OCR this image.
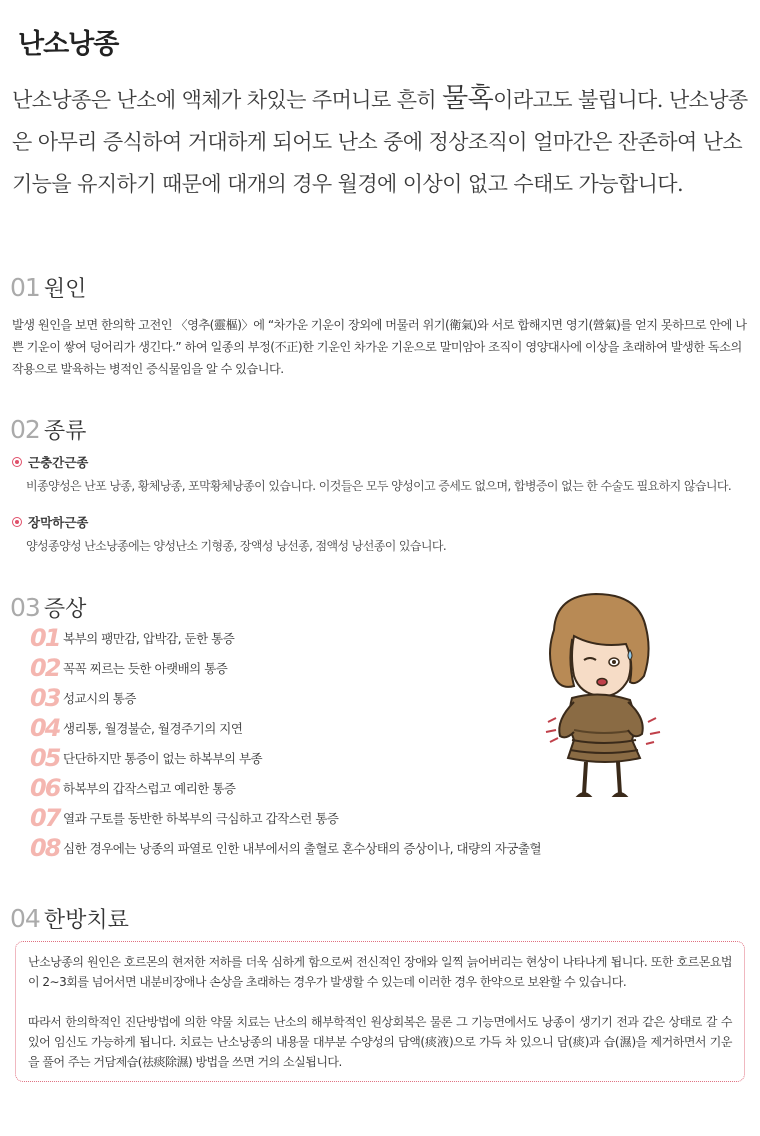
난소낭종
난소낭종은 난소에 액체가 차있는 주머니로 흔히 물혹이라고도 불립니다. 난소낭종은 아무리 증식하여 거대하게 되어도 난소 중에 정상조직이 얼마간은 잔존하여 난소기능을 유지하기 때문에 대개의 경우 월경에 이상이 없고 수태도 가능합니다.
01 원인
발생 원인을 보면 한의학 고전인 〈영추(靈樞)〉에 “차가운 기운이 장외에 머물러 위기(衛氣)와 서로 합해지면 영기(營氣)를 얻지 못하므로 안에 나쁜 기운이 쌓여 덩어리가 생긴다.” 하여 일종의 부정(不正)한 기운인 차가운 기운으로 말미암아 조직이 영양대사에 이상을 초래하여 발생한 독소의 작용으로 발육하는 병적인 증식물임을 알 수 있습니다.
02 종류
근충간근종
비종양성은 난포 낭종, 황체낭종, 포막황체낭종이 있습니다. 이것들은 모두 양성이고 증세도 없으며, 합병증이 없는 한 수술도 필요하지 않습니다.
장막하근종
양성종양성 난소낭종에는 양성난소 기형종, 장액성 낭선종, 점액성 낭선종이 있습니다.
03 증상
01 복부의 팽만감, 압박감, 둔한 통증
02 꼭꼭 찌르는 듯한 아랫배의 통증
03 성교시의 통증
04 생리통, 월경불순, 월경주기의 지연
05 단단하지만 통증이 없는 하복부의 부종
06 하복부의 갑작스럽고 예리한 통증
07 열과 구토를 동반한 하복부의 극심하고 갑작스런 통증
08 심한 경우에는 낭종의 파열로 인한 내부에서의 출혈로 혼수상태의 증상이나, 대량의 자궁출혈
04 한방치료

난소낭종의 원인은 호르몬의 현저한 저하를 더욱 심하게 함으로써 전신적인 장애와 일찍 늙어버리는 현상이 나타나게 됩니다. 또한 호르몬요법이 2∼3회를 넘어서면 내분비장애나 손상을 초래하는 경우가 발생할 수 있는데 이러한 경우 한약으로 보완할 수 있습니다.

따라서 한의학적인 진단방법에 의한 약물 치료는 난소의 해부학적인 원상회복은 물론 그 기능면에서도 낭종이 생기기 전과 같은 상태로 갈 수 있어 임신도 가능하게 됩니다. 치료는 난소낭종의 내용물 대부분 수양성의 담액(痰液)으로 가득 차 있으니 담(痰)과 습(濕)을 제거하면서 기운을 풀어 주는 거담제습(祛痰除濕) 방법을 쓰면 거의 소실됩니다.
